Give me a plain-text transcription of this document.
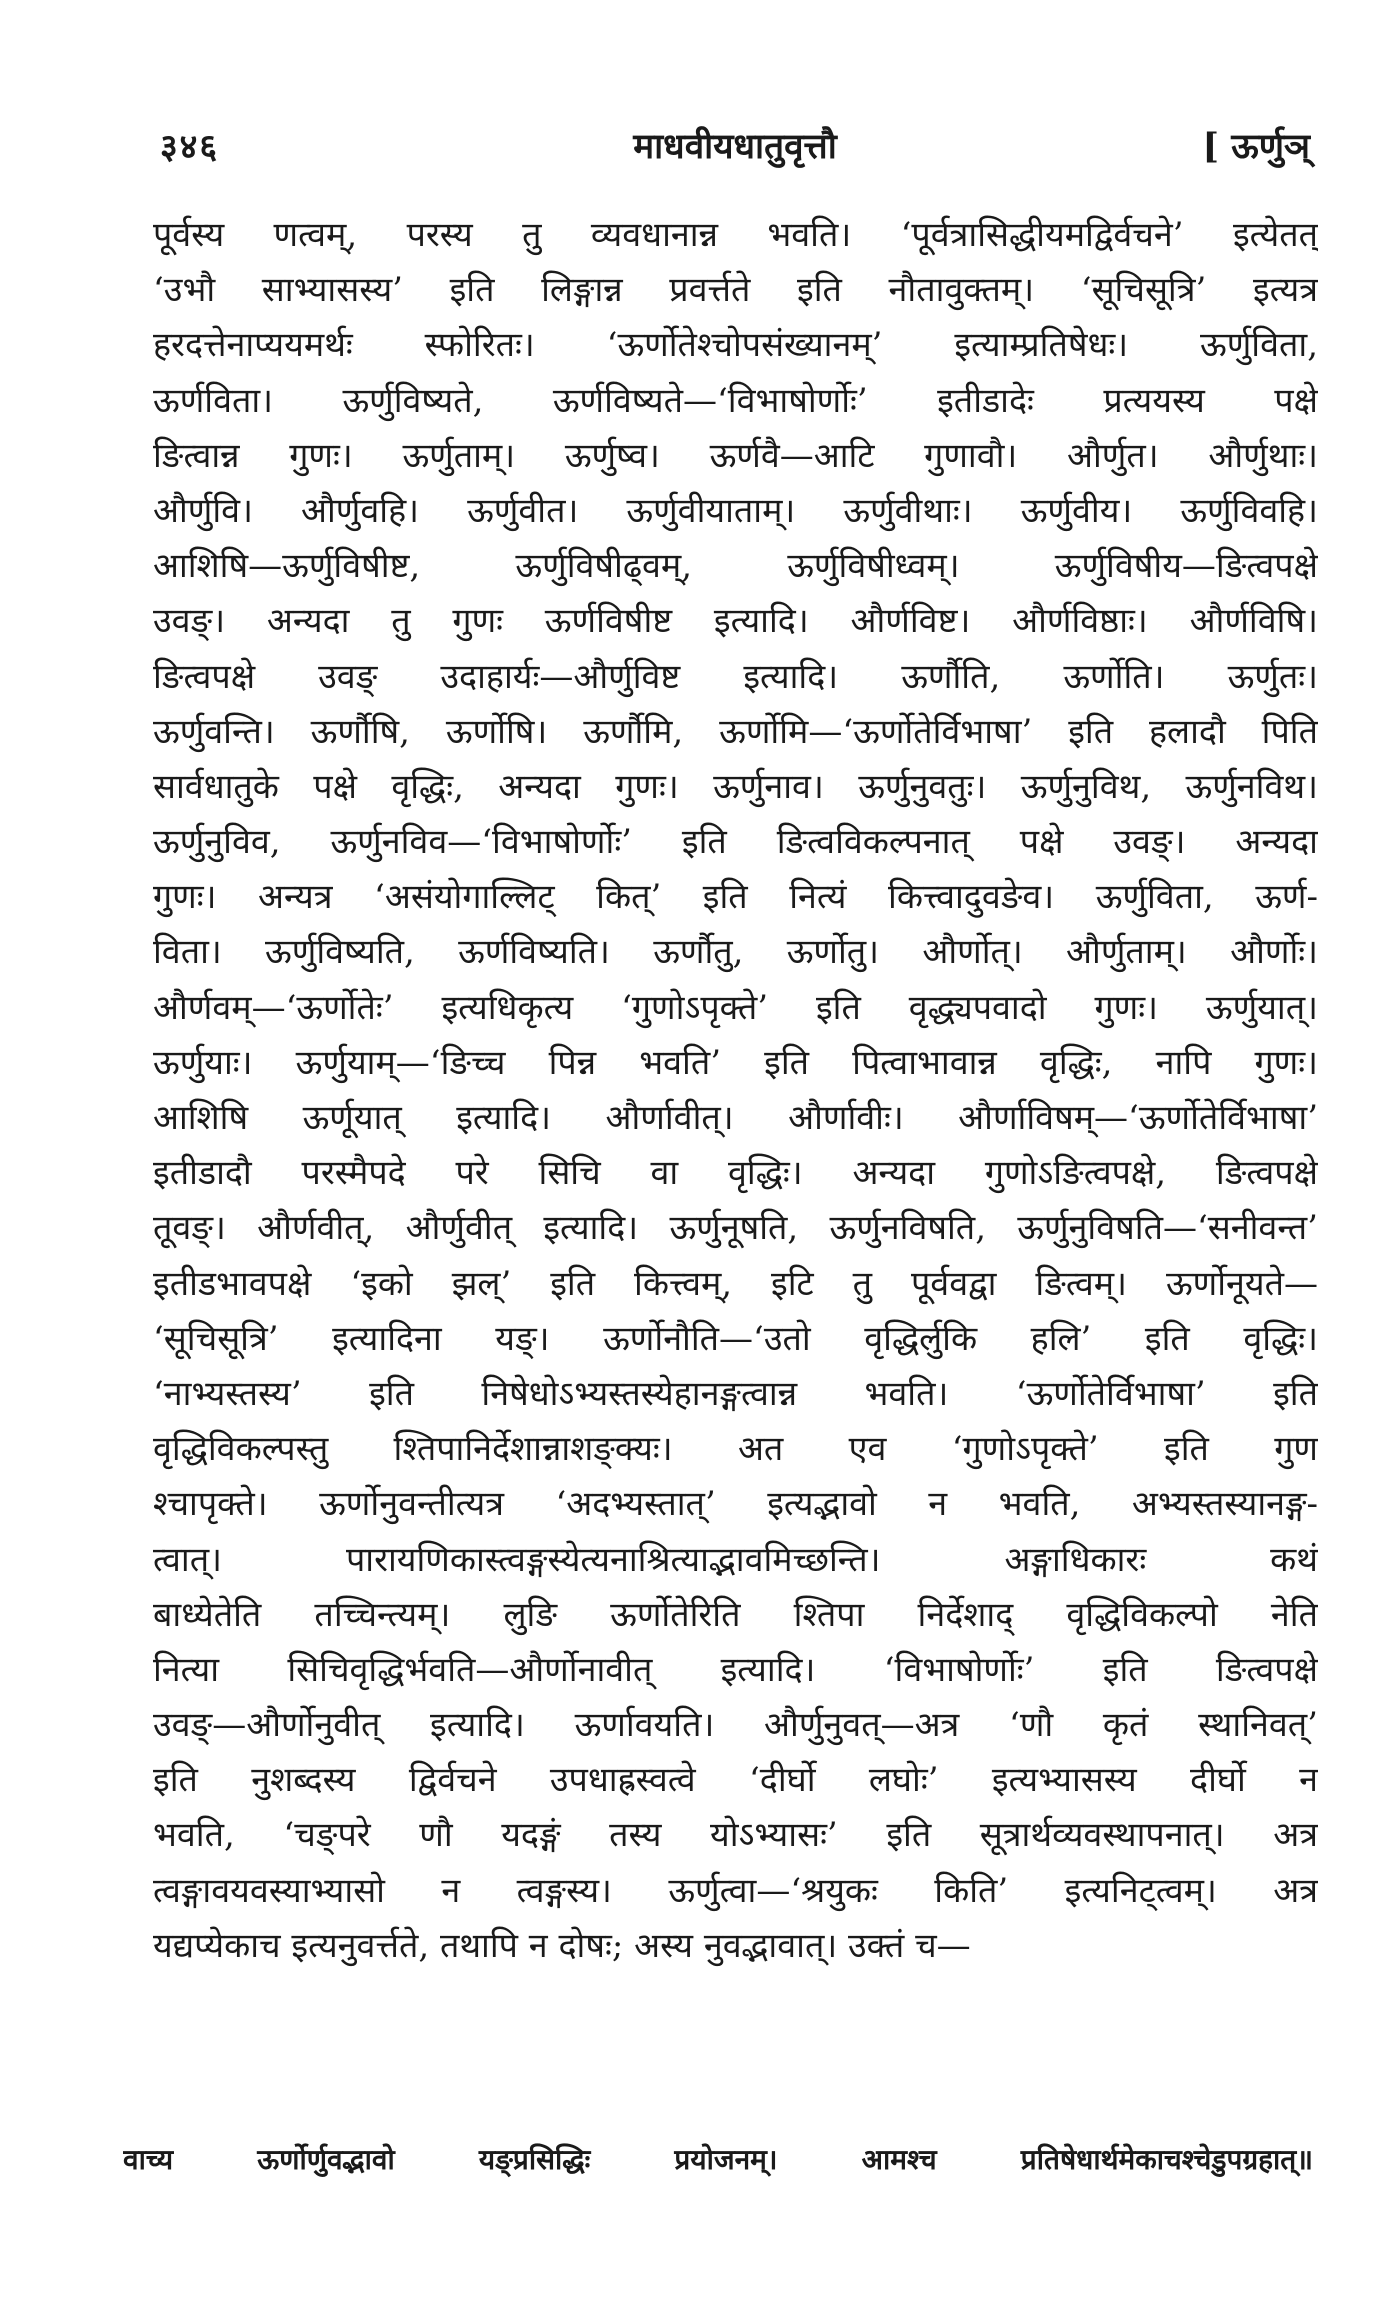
३४६	माधवीयधातुवृत्तौ	[ ऊर्णुञ्
पूर्वस्य णत्वम्, परस्य तु व्यवधानान्न भवति। ‘पूर्वत्रासिद्धीयमद्विर्वचने’ इत्येतत्
‘उभौ साभ्यासस्य’ इति लिङ्गान्न प्रवर्त्तते इति नौतावुक्तम्। ‘सूचिसूत्रि’ इत्यत्र
हरदत्तेनाप्ययमर्थः स्फोरितः। ‘ऊर्णोतेश्चोपसंख्यानम्’ इत्याम्प्रतिषेधः। ऊर्णुविता,
ऊर्णविता। ऊर्णुविष्यते, ऊर्णविष्यते—‘विभाषोर्णोः’ इतीडादेः प्रत्ययस्य पक्षे
ङित्वान्न गुणः। ऊर्णुताम्। ऊर्णुष्व। ऊर्णवै—आटि गुणावौ। और्णुत। और्णुथाः।
और्णुवि। और्णुवहि। ऊर्णुवीत। ऊर्णुवीयाताम्। ऊर्णुवीथाः। ऊर्णुवीय। ऊर्णुविवहि।
आशिषि—ऊर्णुविषीष्ट, ऊर्णुविषीढ्वम्, ऊर्णुविषीध्वम्। ऊर्णुविषीय—ङित्वपक्षे
उवङ्। अन्यदा तु गुणः ऊर्णविषीष्ट इत्यादि। और्णविष्ट। और्णविष्ठाः। और्णविषि।
ङित्वपक्षे उवङ् उदाहार्यः—और्णुविष्ट इत्यादि। ऊर्णौति, ऊर्णोति। ऊर्णुतः।
ऊर्णुवन्ति। ऊर्णौषि, ऊर्णोषि। ऊर्णौमि, ऊर्णोमि—‘ऊर्णोतेर्विभाषा’ इति हलादौ पिति
सार्वधातुके पक्षे वृद्धिः, अन्यदा गुणः। ऊर्णुनाव। ऊर्णुनुवतुः। ऊर्णुनुविथ, ऊर्णुनविथ।
ऊर्णुनुविव, ऊर्णुनविव—‘विभाषोर्णोः’ इति ङित्वविकल्पनात् पक्षे उवङ्। अन्यदा
गुणः। अन्यत्र ‘असंयोगाल्लिट् कित्’ इति नित्यं कित्त्वादुवङेव। ऊर्णुविता, ऊर्ण-
विता। ऊर्णुविष्यति, ऊर्णविष्यति। ऊर्णौतु, ऊर्णोतु। और्णोत्। और्णुताम्। और्णोः।
और्णवम्—‘ऊर्णोतेः’ इत्यधिकृत्य ‘गुणोऽपृक्ते’ इति वृद्ध्यपवादो गुणः। ऊर्णुयात्।
ऊर्णुयाः। ऊर्णुयाम्—‘ङिच्च पिन्न भवति’ इति पित्वाभावान्न वृद्धिः, नापि गुणः।
आशिषि ऊर्णूयात् इत्यादि। और्णावीत्। और्णावीः। और्णाविषम्—‘ऊर्णोतेर्विभाषा’
इतीडादौ परस्मैपदे परे सिचि वा वृद्धिः। अन्यदा गुणोऽङित्वपक्षे, ङित्वपक्षे
तूवङ्। और्णवीत्, और्णुवीत् इत्यादि। ऊर्णुनूषति, ऊर्णुनविषति, ऊर्णुनुविषति—‘सनीवन्त’
इतीडभावपक्षे ‘इको झल्’ इति कित्त्वम्, इटि तु पूर्ववद्वा ङित्वम्। ऊर्णोनूयते—
‘सूचिसूत्रि’ इत्यादिना यङ्। ऊर्णोनौति—‘उतो वृद्धिर्लुकि हलि’ इति वृद्धिः।
‘नाभ्यस्तस्य’ इति निषेधोऽभ्यस्तस्येहानङ्गत्वान्न भवति। ‘ऊर्णोतेर्विभाषा’ इति
वृद्धिविकल्पस्तु श्तिपानिर्देशान्नाशङ्क्यः। अत एव ‘गुणोऽपृक्ते’ इति गुण
श्चापृक्ते। ऊर्णोनुवन्तीत्यत्र ‘अदभ्यस्तात्’ इत्यद्भावो न भवति, अभ्यस्तस्यानङ्ग-
त्वात्। पारायणिकास्त्वङ्गस्येत्यनाश्रित्याद्भावमिच्छन्ति। अङ्गाधिकारः कथं
बाध्येतेति तच्चिन्त्यम्। लुङि ऊर्णोतेरिति श्तिपा निर्देशाद् वृद्धिविकल्पो नेति
नित्या सिचिवृद्धिर्भवति—और्णोनावीत् इत्यादि। ‘विभाषोर्णोः’ इति ङित्वपक्षे
उवङ्—और्णोनुवीत् इत्यादि। ऊर्णावयति। और्णुनुवत्—अत्र ‘णौ कृतं स्थानिवत्’
इति नुशब्दस्य द्विर्वचने उपधाह्रस्वत्वे ‘दीर्घो लघोः’ इत्यभ्यासस्य दीर्घो न
भवति, ‘चङ्परे णौ यदङ्गं तस्य योऽभ्यासः’ इति सूत्रार्थव्यवस्थापनात्। अत्र
त्वङ्गावयवस्याभ्यासो न त्वङ्गस्य। ऊर्णुत्वा—‘श्रयुकः किति’ इत्यनिट्त्वम्। अत्र
यद्यप्येकाच इत्यनुवर्त्तते, तथापि न दोषः; अस्य नुवद्भावात्। उक्तं च—
वाच्य ऊर्णोर्णुवद्भावो यङ्प्रसिद्धिः प्रयोजनम्। आमश्च प्रतिषेधार्थमेकाचश्चेडुपग्रहात्॥
